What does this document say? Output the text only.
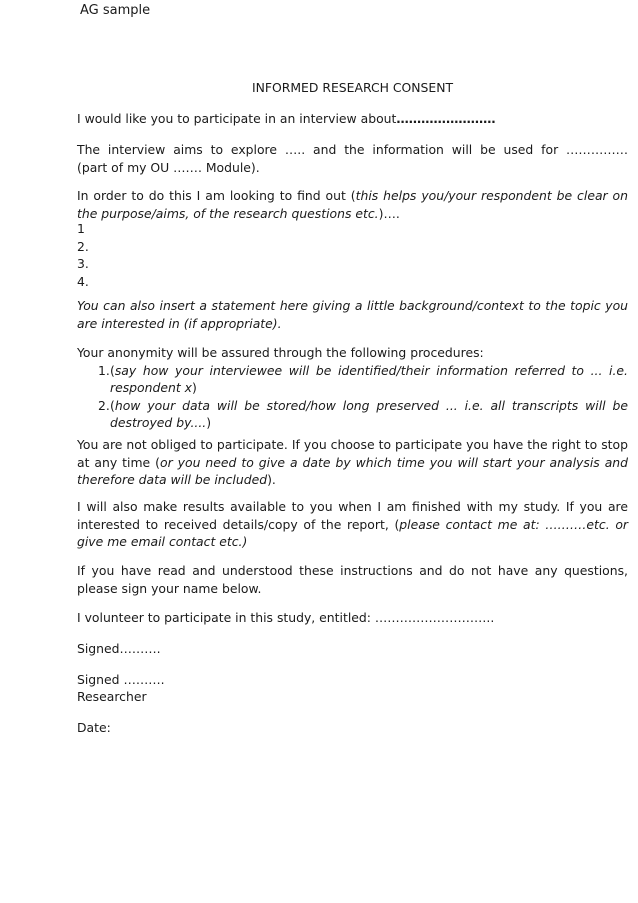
AG sample
INFORMED RESEARCH CONSENT

I would like you to participate in an interview about……………………

The interview aims to explore ….. and the information will be used for ……………
(part of my OU ……. Module).

In order to do this I am looking to find out (this helps you/your respondent be clear on the purpose/aims, of the research questions etc.)….

1
2.
3.
4.

You can also insert a statement here giving a little background/context to the topic you are interested in (if appropriate).

Your anonymity will be assured through the following procedures:
1. (say how your interviewee will be identified/their information referred to ... i.e. respondent x)
2. (how your data will be stored/how long preserved ... i.e. all transcripts will be destroyed by....)

You are not obliged to participate. If you choose to participate you have the right to stop at any time (or you need to give a date by which time you will start your analysis and therefore data will be included).

I will also make results available to you when I am finished with my study. If you are interested to received details/copy of the report, (please contact me at: ….……etc. or give me email contact etc.)

If you have read and understood these instructions and do not have any questions, please sign your name below.

I volunteer to participate in this study, entitled: ………………………..

Signed……….

Signed ……….

Researcher

Date:
